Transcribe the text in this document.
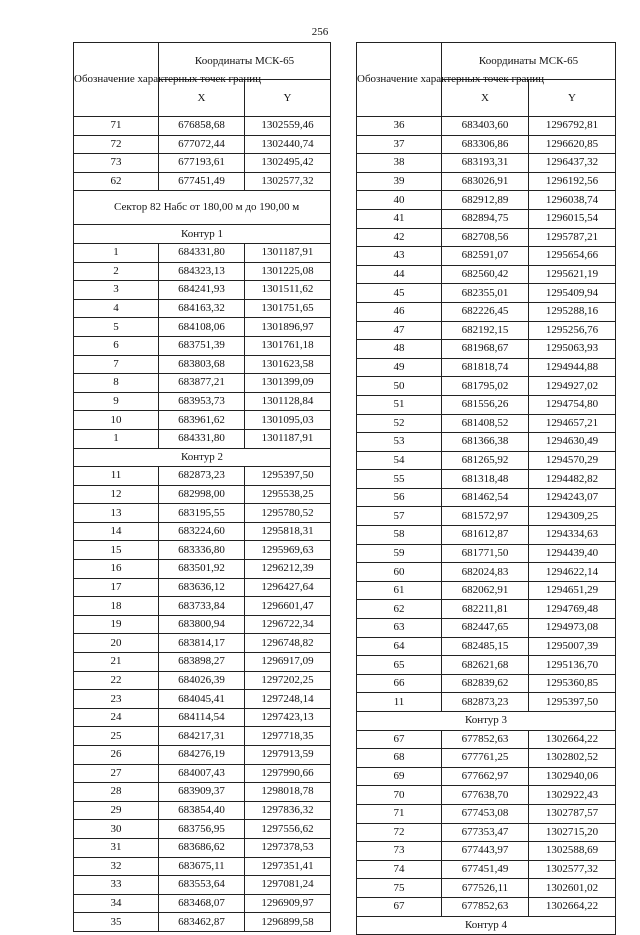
256
Обозначение характерных точек границ	Координаты МСК-65	
	X	Y
71	676858,68	1302559,46
72	677072,44	1302440,74
73	677193,61	1302495,42
62	677451,49	1302577,32
Сектор 82 Набс от 180,00 м до 190,00 м		
Контур 1		
1	684331,80	1301187,91
2	684323,13	1301225,08
3	684241,93	1301511,62
4	684163,32	1301751,65
5	684108,06	1301896,97
6	683751,39	1301761,18
7	683803,68	1301623,58
8	683877,21	1301399,09
9	683953,73	1301128,84
10	683961,62	1301095,03
1	684331,80	1301187,91
Контур 2		
11	682873,23	1295397,50
12	682998,00	1295538,25
13	683195,55	1295780,52
14	683224,60	1295818,31
15	683336,80	1295969,63
16	683501,92	1296212,39
17	683636,12	1296427,64
18	683733,84	1296601,47
19	683800,94	1296722,34
20	683814,17	1296748,82
21	683898,27	1296917,09
22	684026,39	1297202,25
23	684045,41	1297248,14
24	684114,54	1297423,13
25	684217,31	1297718,35
26	684276,19	1297913,59
27	684007,43	1297990,66
28	683909,37	1298018,78
29	683854,40	1297836,32
30	683756,95	1297556,62
31	683686,62	1297378,53
32	683675,11	1297351,41
33	683553,64	1297081,24
34	683468,07	1296909,97
35	683462,87	1296899,58
Обозначение характерных точек границ	Координаты МСК-65	
	X	Y
36	683403,60	1296792,81
37	683306,86	1296620,85
38	683193,31	1296437,32
39	683026,91	1296192,56
40	682912,89	1296038,74
41	682894,75	1296015,54
42	682708,56	1295787,21
43	682591,07	1295654,66
44	682560,42	1295621,19
45	682355,01	1295409,94
46	682226,45	1295288,16
47	682192,15	1295256,76
48	681968,67	1295063,93
49	681818,74	1294944,88
50	681795,02	1294927,02
51	681556,26	1294754,80
52	681408,52	1294657,21
53	681366,38	1294630,49
54	681265,92	1294570,29
55	681318,48	1294482,82
56	681462,54	1294243,07
57	681572,97	1294309,25
58	681612,87	1294334,63
59	681771,50	1294439,40
60	682024,83	1294622,14
61	682062,91	1294651,29
62	682211,81	1294769,48
63	682447,65	1294973,08
64	682485,15	1295007,39
65	682621,68	1295136,70
66	682839,62	1295360,85
11	682873,23	1295397,50
Контур 3		
67	677852,63	1302664,22
68	677761,25	1302802,52
69	677662,97	1302940,06
70	677638,70	1302922,43
71	677453,08	1302787,57
72	677353,47	1302715,20
73	677443,97	1302588,69
74	677451,49	1302577,32
75	677526,11	1302601,02
67	677852,63	1302664,22
Контур 4		
